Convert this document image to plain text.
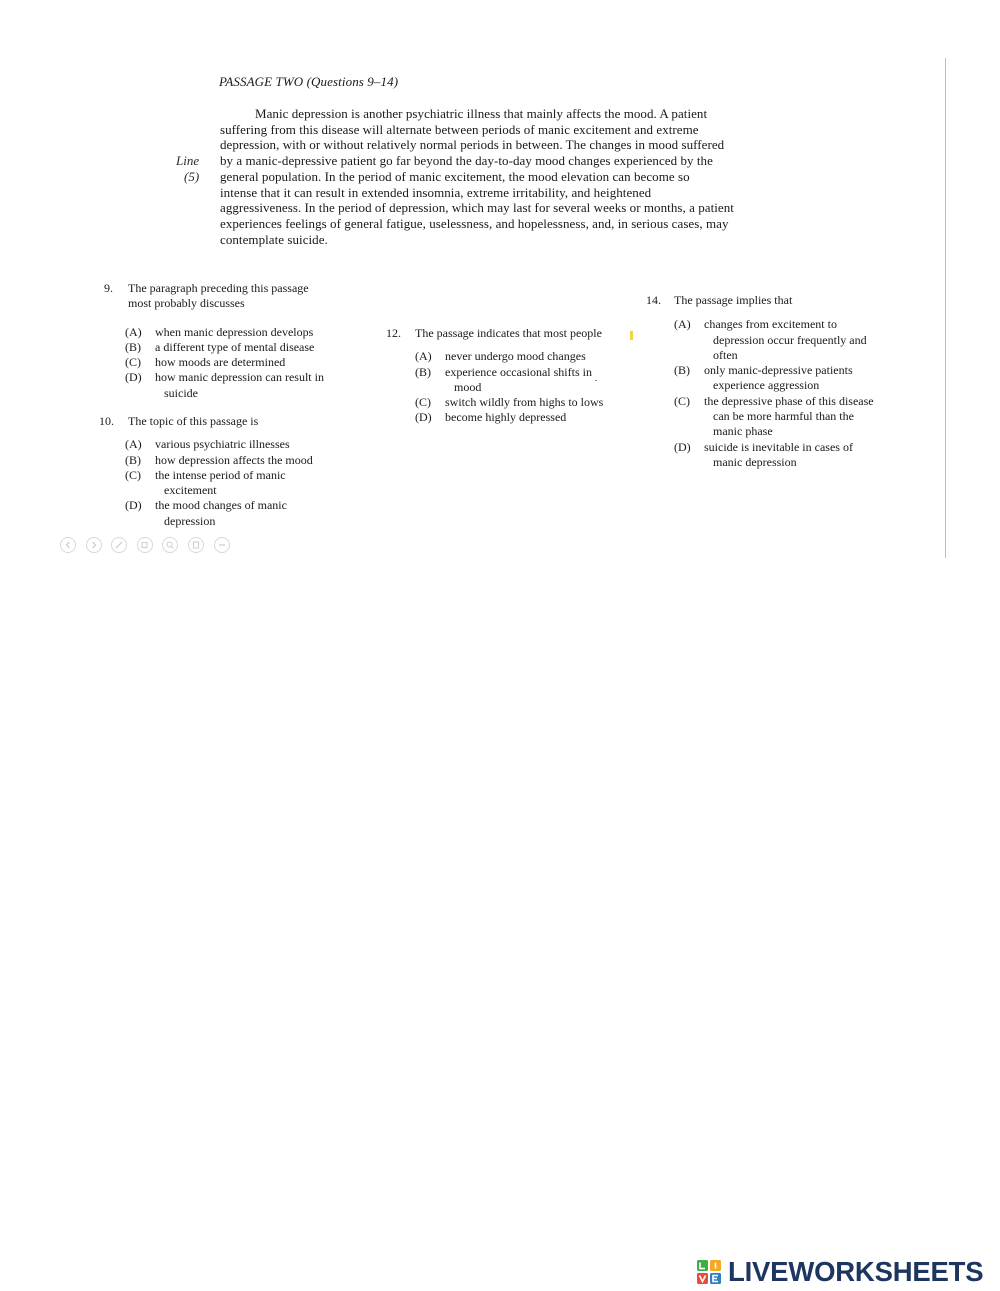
PASSAGE TWO (Questions 9–14)
Manic depression is another psychiatric illness that mainly affects the mood. A patient
suffering from this disease will alternate between periods of manic excitement and extreme
depression, with or without relatively normal periods in between. The changes in mood suffered
by a manic-depressive patient go far beyond the day-to-day mood changes experienced by the
general population. In the period of manic excitement, the mood elevation can become so
intense that it can result in extended insomnia, extreme irritability, and heightened
aggressiveness. In the period of depression, which may last for several weeks or months, a patient
experiences feelings of general fatigue, uselessness, and hopelessness, and, in serious cases, may
contemplate suicide.
Line
(5)
9. The paragraph preceding this passage
most probably discusses
(A) when manic depression develops
(B) a different type of mental disease
(C) how moods are determined
(D) how manic depression can result in
suicide
10. The topic of this passage is
(A) various psychiatric illnesses
(B) how depression affects the mood
(C) the intense period of manic
excitement
(D) the mood changes of manic
depression
12. The passage indicates that most people
(A) never undergo mood changes
(B) experience occasional shifts in
mood
(C) switch wildly from highs to lows
(D) become highly depressed
14. The passage implies that
(A) changes from excitement to
depression occur frequently and
often
(B) only manic-depressive patients
experience aggression
(C) the depressive phase of this disease
can be more harmful than the
manic phase
(D) suicide is inevitable in cases of
manic depression

LIVEWORKSHEETS
